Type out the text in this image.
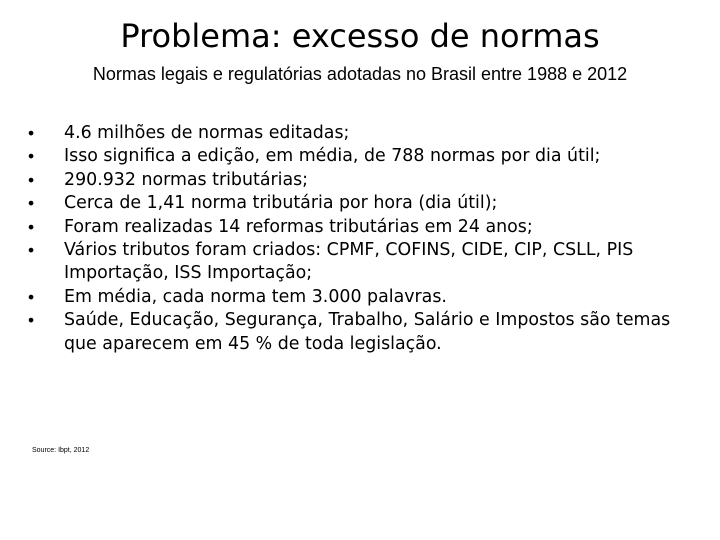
Problema: excesso de normas
Normas legais e regulatórias adotadas no Brasil entre 1988 e 2012
•	4.6 milhões de normas editadas;
•	Isso significa a edição, em média, de 788 normas por dia útil;
•	290.932 normas tributárias;
•	Cerca de 1,41 norma tributária por hora (dia útil);
•	Foram realizadas 14 reformas tributárias em 24 anos;
•	Vários tributos foram criados: CPMF, COFINS, CIDE, CIP, CSLL, PIS Importação, ISS Importação;
•	Em média, cada norma tem 3.000 palavras.
•	Saúde, Educação, Segurança, Trabalho, Salário e Impostos são temas que aparecem em 45 % de toda legislação.
Source: Ibpt, 2012
